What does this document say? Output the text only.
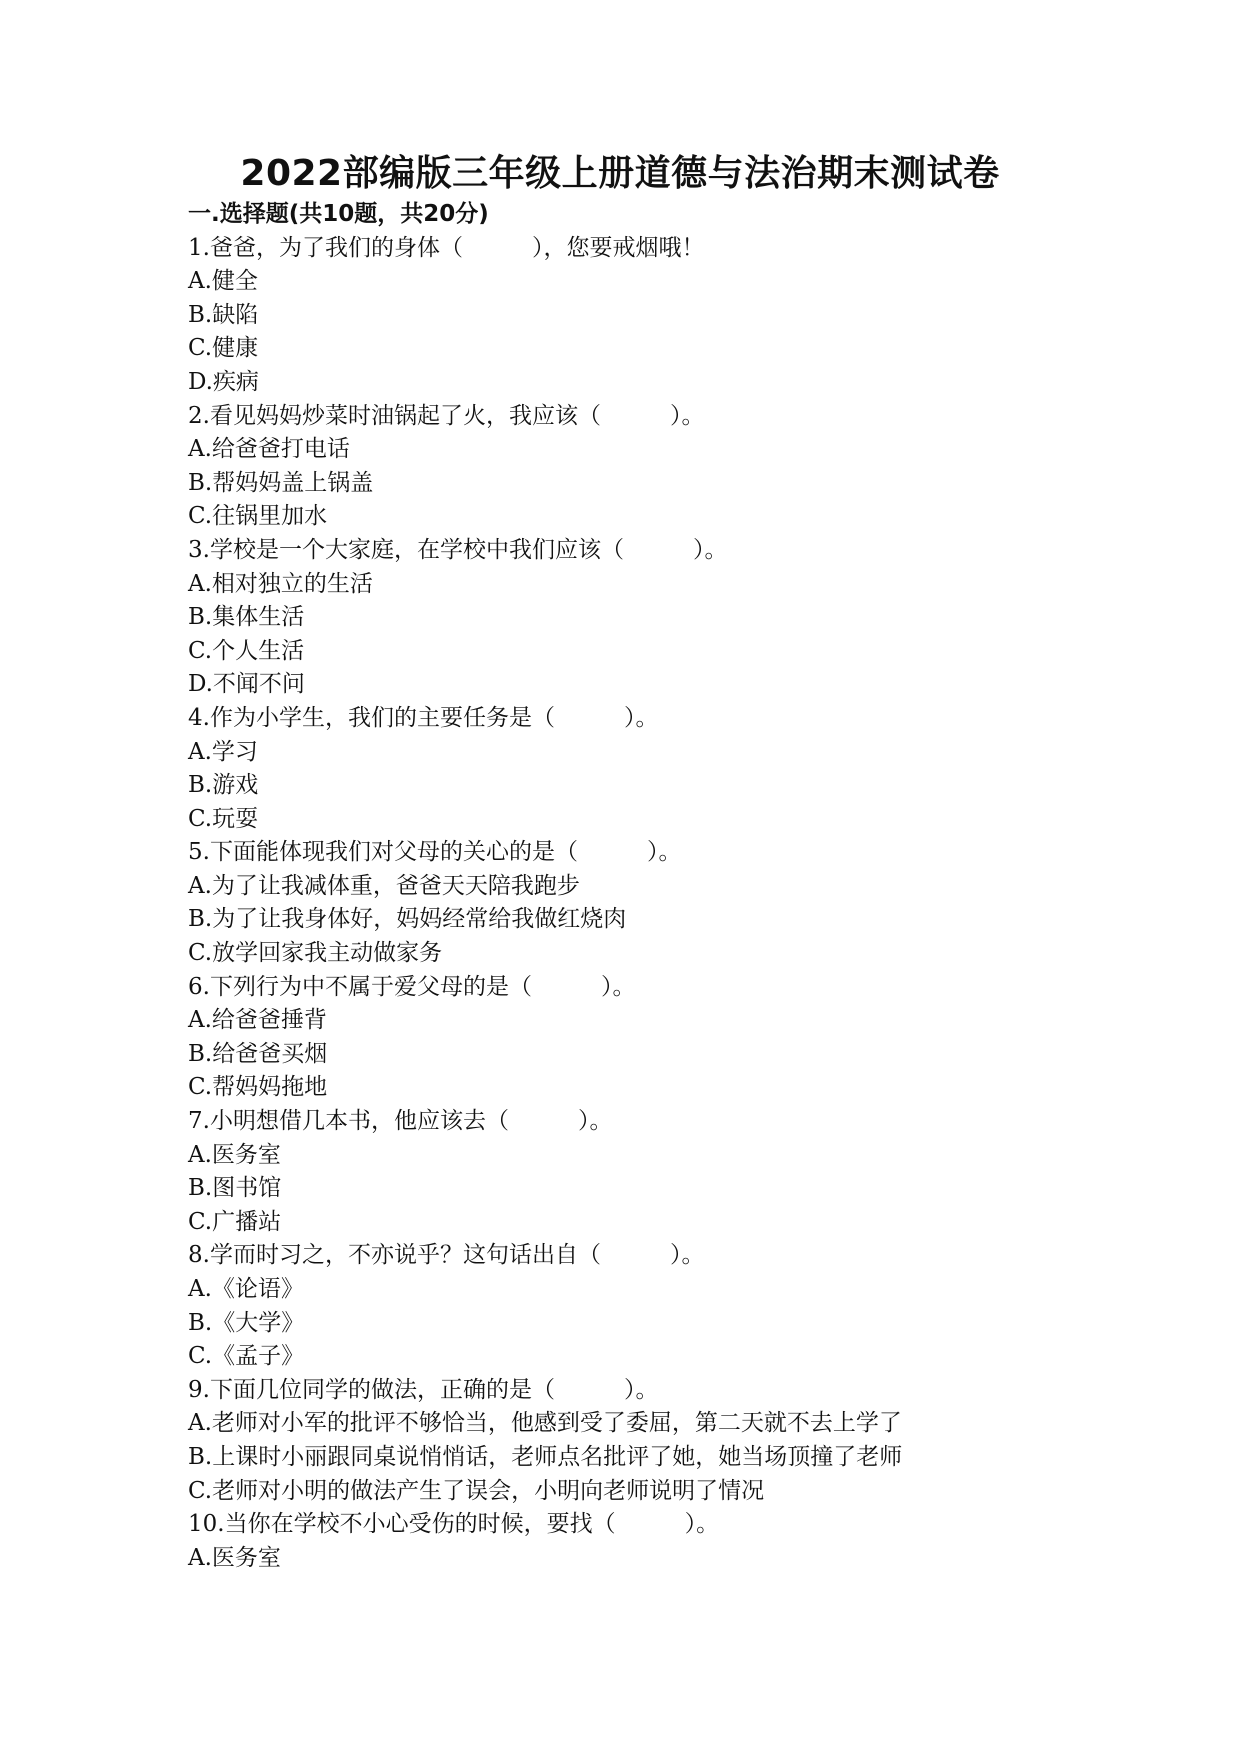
2022部编版三年级上册道德与法治期末测试卷
一.选择题(共10题，共20分)
1.爸爸，为了我们的身体（　　　），您要戒烟哦！
A.健全
B.缺陷
C.健康
D.疾病
2.看见妈妈炒菜时油锅起了火，我应该（　　　）。
A.给爸爸打电话
B.帮妈妈盖上锅盖
C.往锅里加水
3.学校是一个大家庭，在学校中我们应该（　　　）。
A.相对独立的生活
B.集体生活
C.个人生活
D.不闻不问
4.作为小学生，我们的主要任务是（　　　）。
A.学习
B.游戏
C.玩耍
5.下面能体现我们对父母的关心的是（　　　）。
A.为了让我减体重，爸爸天天陪我跑步
B.为了让我身体好，妈妈经常给我做红烧肉
C.放学回家我主动做家务
6.下列行为中不属于爱父母的是（　　　）。
A.给爸爸捶背
B.给爸爸买烟
C.帮妈妈拖地
7.小明想借几本书，他应该去（　　　）。
A.医务室
B.图书馆
C.广播站
8.学而时习之，不亦说乎？这句话出自（　　　）。
A.《论语》
B.《大学》
C.《孟子》
9.下面几位同学的做法，正确的是（　　　）。
A.老师对小军的批评不够恰当，他感到受了委屈，第二天就不去上学了
B.上课时小丽跟同桌说悄悄话，老师点名批评了她，她当场顶撞了老师
C.老师对小明的做法产生了误会，小明向老师说明了情况
10.当你在学校不小心受伤的时候，要找（　　　）。
A.医务室
